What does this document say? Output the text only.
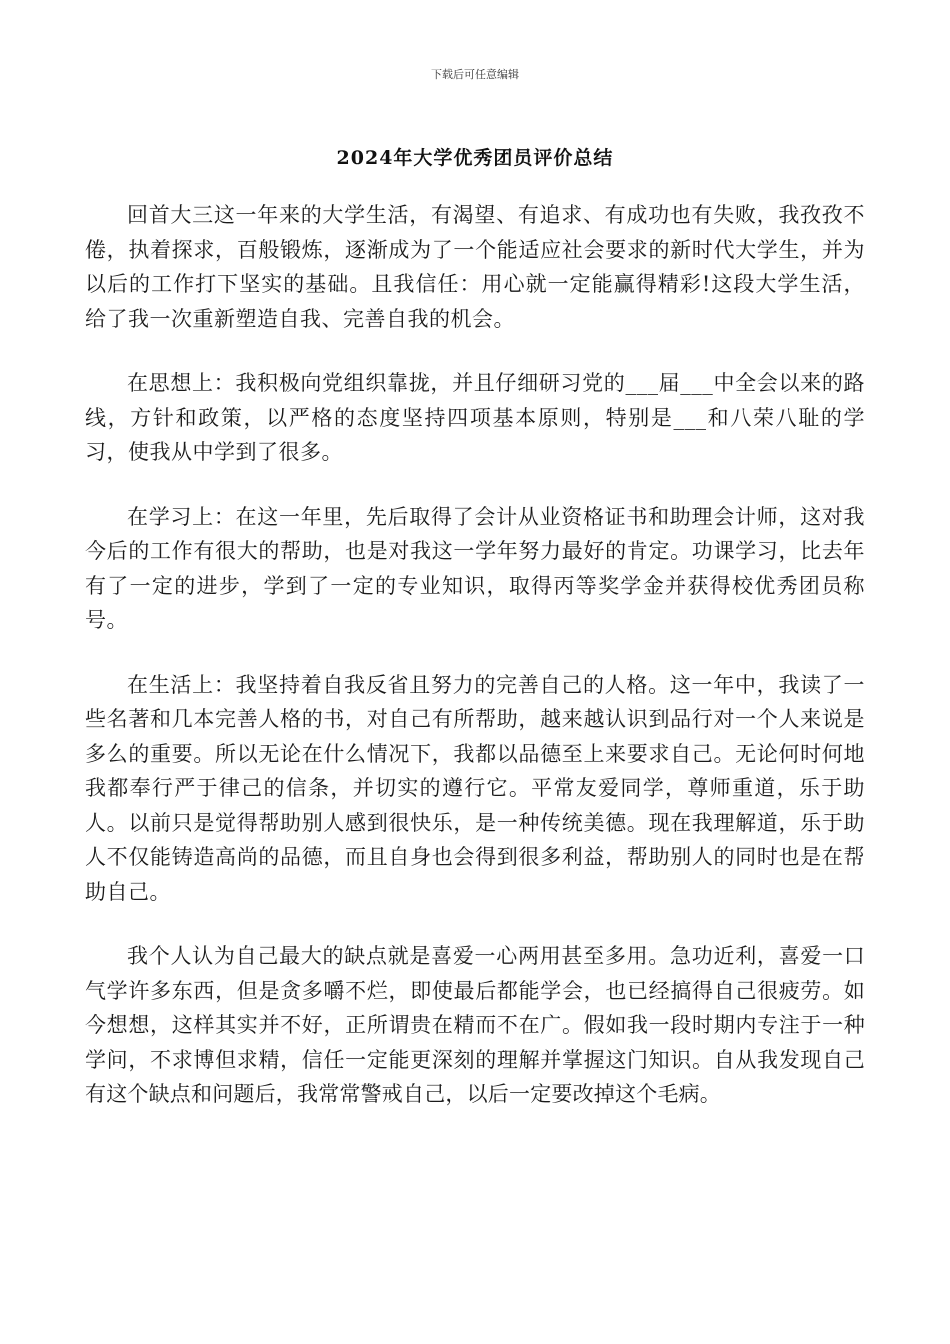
下载后可任意编辑
2024年大学优秀团员评价总结

回首大三这一年来的大学生活，有渴望、有追求、有成功也有失败，我孜孜不倦，执着探求，百般锻炼，逐渐成为了一个能适应社会要求的新时代大学生，并为以后的工作打下坚实的基础。且我信任：用心就一定能赢得精彩!这段大学生活，给了我一次重新塑造自我、完善自我的机会。

在思想上：我积极向党组织靠拢，并且仔细研习党的___届___中全会以来的路线，方针和政策，以严格的态度坚持四项基本原则，特别是___和八荣八耻的学习，使我从中学到了很多。

在学习上：在这一年里，先后取得了会计从业资格证书和助理会计师，这对我今后的工作有很大的帮助，也是对我这一学年努力最好的肯定。功课学习，比去年有了一定的进步，学到了一定的专业知识，取得丙等奖学金并获得校优秀团员称号。

在生活上：我坚持着自我反省且努力的完善自己的人格。这一年中，我读了一些名著和几本完善人格的书，对自己有所帮助，越来越认识到品行对一个人来说是多么的重要。所以无论在什么情况下，我都以品德至上来要求自己。无论何时何地我都奉行严于律己的信条，并切实的遵行它。平常友爱同学，尊师重道，乐于助人。以前只是觉得帮助别人感到很快乐，是一种传统美德。现在我理解道，乐于助人不仅能铸造高尚的品德，而且自身也会得到很多利益，帮助别人的同时也是在帮助自己。

我个人认为自己最大的缺点就是喜爱一心两用甚至多用。急功近利，喜爱一口气学许多东西，但是贪多嚼不烂，即使最后都能学会，也已经搞得自己很疲劳。如今想想，这样其实并不好，正所谓贵在精而不在广。假如我一段时期内专注于一种学问，不求博但求精，信任一定能更深刻的理解并掌握这门知识。自从我发现自己有这个缺点和问题后，我常常警戒自己，以后一定要改掉这个毛病。
